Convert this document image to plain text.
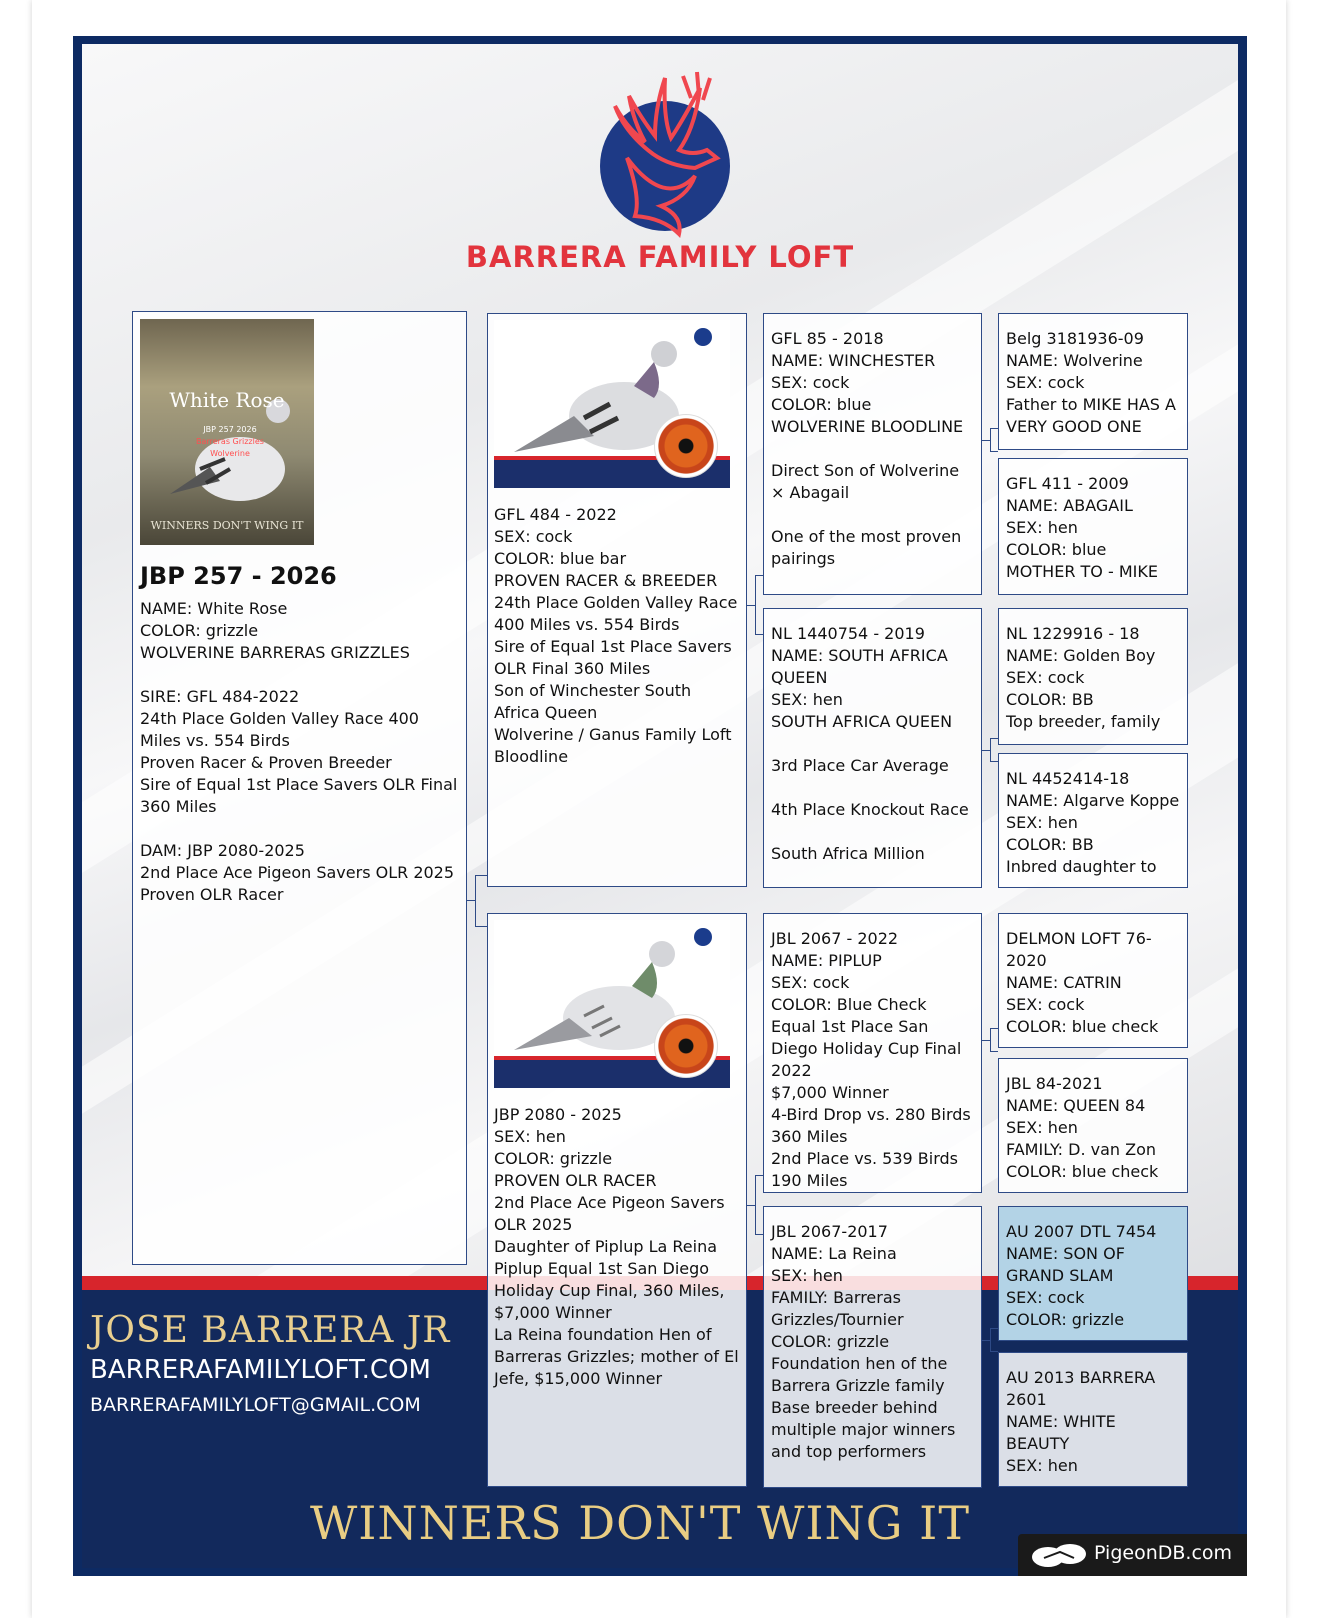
BARRERA FAMILY LOFT
White Rose
JBP 257 2026
Barreras Grizzles
Wolverine
WINNERS DON'T WING IT
JBP 257 - 2026
NAME: White Rose
COLOR: grizzle
WOLVERINE BARRERAS GRIZZLES

SIRE: GFL 484-2022
24th Place Golden Valley Race 400 Miles vs. 554 Birds
Proven Racer & Proven Breeder
Sire of Equal 1st Place Savers OLR Final 360 Miles

DAM: JBP 2080-2025
2nd Place Ace Pigeon Savers OLR 2025
Proven OLR Racer
GFL 484 - 2022
SEX: cock
COLOR: blue bar
PROVEN RACER & BREEDER
24th Place Golden Valley Race 400 Miles vs. 554 Birds
Sire of Equal 1st Place Savers OLR Final 360 Miles
Son of Winchester South Africa Queen
Wolverine / Ganus Family Loft Bloodline
JBP 2080 - 2025
SEX: hen
COLOR: grizzle
PROVEN OLR RACER
2nd Place Ace Pigeon Savers OLR 2025
Daughter of Piplup La Reina
Piplup Equal 1st San Diego Holiday Cup Final, 360 Miles, $7,000 Winner
La Reina foundation Hen of Barreras Grizzles; mother of El Jefe, $15,000 Winner
GFL 85 - 2018
NAME: WINCHESTER
SEX: cock
COLOR: blue
WOLVERINE BLOODLINE

Direct Son of Wolverine × Abagail

One of the most proven pairings
NL 1440754 - 2019
NAME: SOUTH AFRICA QUEEN
SEX: hen
SOUTH AFRICA QUEEN

3rd Place Car Average

4th Place Knockout Race

South Africa Million
JBL 2067 - 2022
NAME: PIPLUP
SEX: cock
COLOR: Blue Check
Equal 1st Place San Diego Holiday Cup Final 2022
$7,000 Winner
4-Bird Drop vs. 280 Birds
360 Miles
2nd Place vs. 539 Birds
190 Miles
JBL 2067-2017
NAME: La Reina
SEX: hen
FAMILY: Barreras Grizzles/Tournier
COLOR: grizzle
Foundation hen of the Barrera Grizzle family
Base breeder behind multiple major winners and top performers
Belg 3181936-09
NAME: Wolverine
SEX: cock
Father to MIKE HAS A VERY GOOD ONE
GFL 411 - 2009
NAME: ABAGAIL
SEX: hen
COLOR: blue
MOTHER TO - MIKE
NL 1229916 - 18
NAME: Golden Boy
SEX: cock
COLOR: BB
Top breeder, family
NL 4452414-18
NAME: Algarve Koppe
SEX: hen
COLOR: BB
Inbred daughter to
DELMON LOFT 76-2020
NAME: CATRIN
SEX: cock
COLOR: blue check
JBL 84-2021
NAME: QUEEN 84
SEX: hen
FAMILY: D. van Zon
COLOR: blue check
AU 2007 DTL 7454
NAME: SON OF GRAND SLAM
SEX: cock
COLOR: grizzle
AU 2013 BARRERA 2601
NAME: WHITE BEAUTY
SEX: hen
JOSE BARRERA JR
BARRERAFAMILYLOFT.COM
BARRERAFAMILYLOFT@GMAIL.COM
WINNERS DON'T WING IT
PigeonDB.com
